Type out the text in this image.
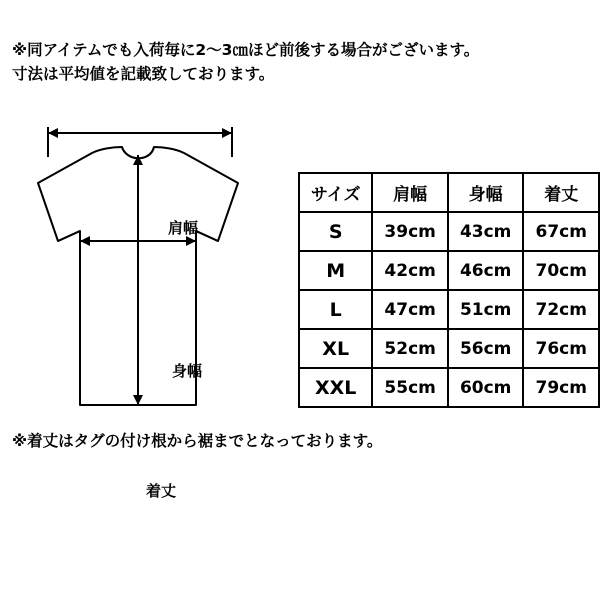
※同アイテムでも入荷毎に2～3㎝ほど前後する場合がございます。
寸法は平均値を記載致しております。
肩幅
身幅
着丈
サイズ	肩幅	身幅	着丈
S	39cm	43cm	67cm
M	42cm	46cm	70cm
L	47cm	51cm	72cm
XL	52cm	56cm	76cm
XXL	55cm	60cm	79cm
※着丈はタグの付け根から裾までとなっております。
